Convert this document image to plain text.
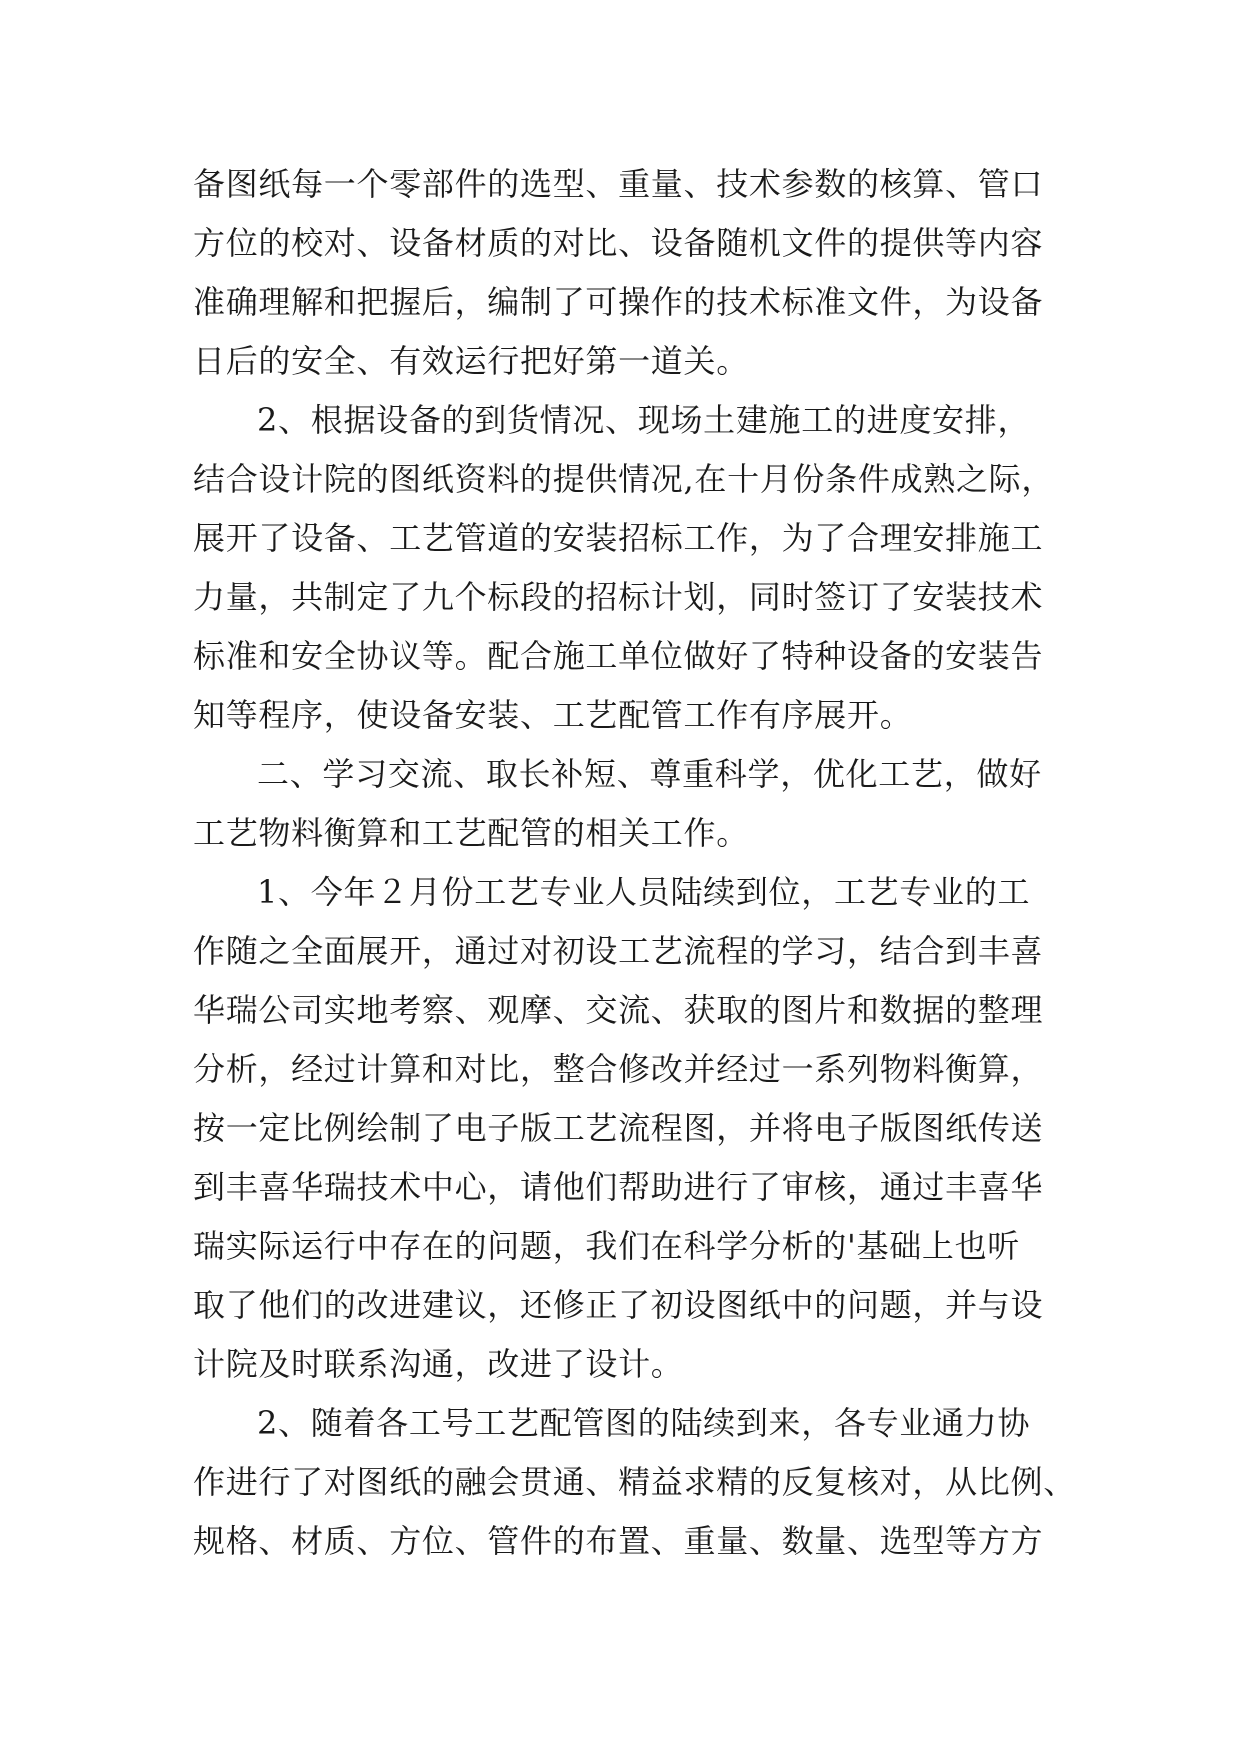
备图纸每一个零部件的选型、重量、技术参数的核算、管口
方位的校对、设备材质的对比、设备随机文件的提供等内容
准确理解和把握后，编制了可操作的技术标准文件，为设备
日后的安全、有效运行把好第一道关。
2、根据设备的到货情况、现场土建施工的进度安排，
结合设计院的图纸资料的提供情况,在十月份条件成熟之际，
展开了设备、工艺管道的安装招标工作，为了合理安排施工
力量，共制定了九个标段的招标计划，同时签订了安装技术
标准和安全协议等。配合施工单位做好了特种设备的安装告
知等程序，使设备安装、工艺配管工作有序展开。
二、学习交流、取长补短、尊重科学，优化工艺，做好
工艺物料衡算和工艺配管的相关工作。
1、今年２月份工艺专业人员陆续到位，工艺专业的工
作随之全面展开，通过对初设工艺流程的学习，结合到丰喜
华瑞公司实地考察、观摩、交流、获取的图片和数据的整理
分析，经过计算和对比，整合修改并经过一系列物料衡算，
按一定比例绘制了电子版工艺流程图，并将电子版图纸传送
到丰喜华瑞技术中心，请他们帮助进行了审核，通过丰喜华
瑞实际运行中存在的问题，我们在科学分析的'基础上也听
取了他们的改进建议，还修正了初设图纸中的问题，并与设
计院及时联系沟通，改进了设计。
2、随着各工号工艺配管图的陆续到来，各专业通力协
作进行了对图纸的融会贯通、精益求精的反复核对，从比例、
规格、材质、方位、管件的布置、重量、数量、选型等方方
